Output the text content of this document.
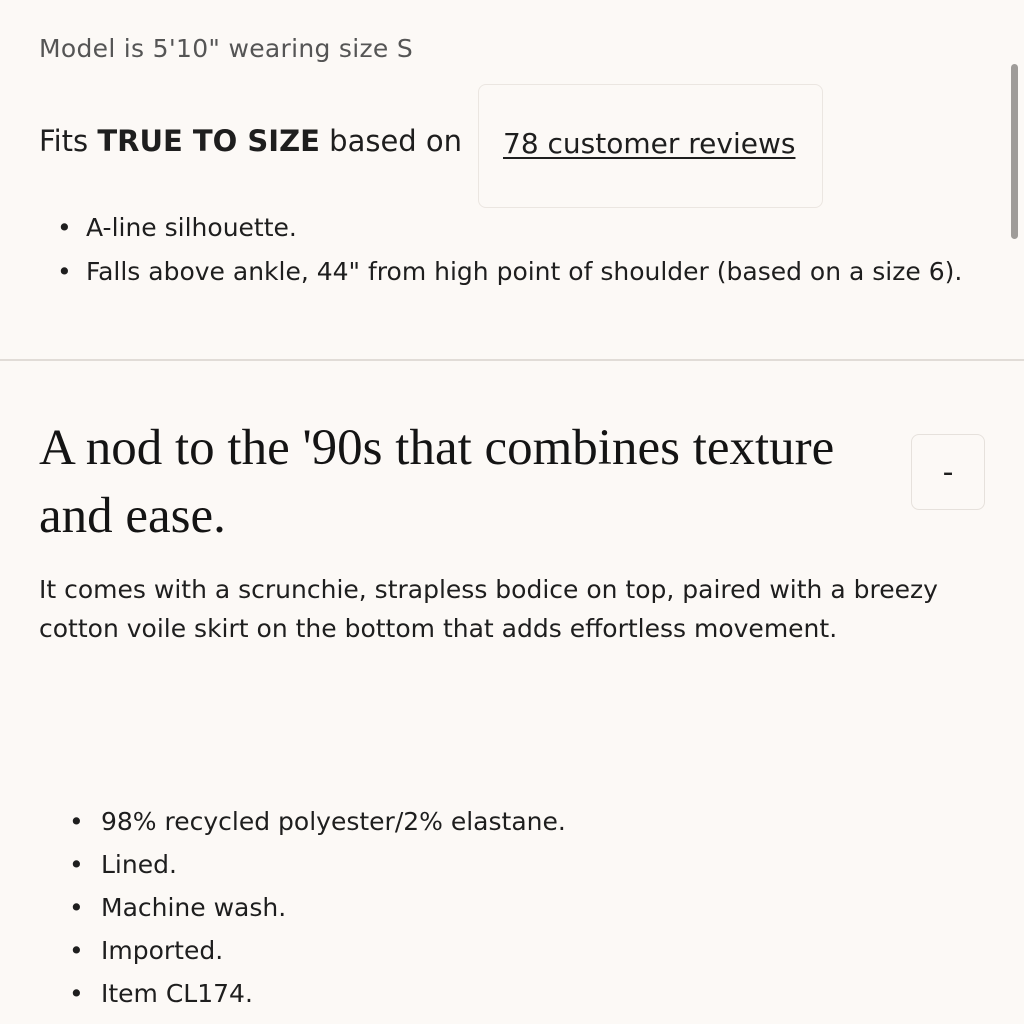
Model is 5'10" wearing size S
Fits TRUE TO SIZE based on 78 customer reviews
• A-line silhouette.
• Falls above ankle, 44" from high point of shoulder (based on a size 6).
A nod to the '90s that combines texture and ease.
-

It comes with a scrunchie, strapless bodice on top, paired with a breezy cotton voile skirt on the bottom that adds effortless movement.

• 98% recycled polyester/2% elastane.
• Lined.
• Machine wash.
• Imported.
• Item CL174.
